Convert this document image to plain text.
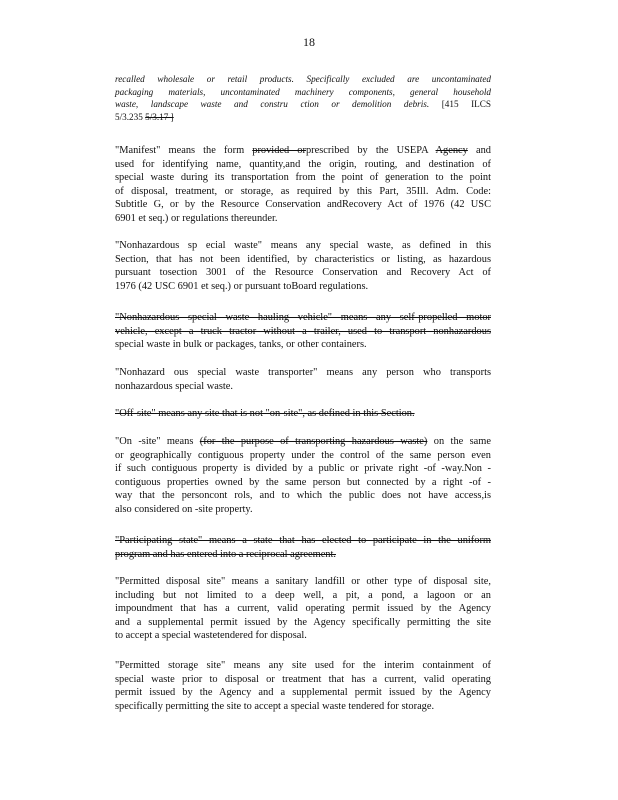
18
recalled wholesale or retail products. Specifically excluded are uncontaminated
packaging materials, uncontaminated machinery components, general household
waste, landscape waste and constru ction or demolition debris. [415 ILCS
5/3.235 5/3.17 ]
"Manifest" means the form provided orprescribed by the USEPA Agency and
used for identifying name, quantity,and the origin, routing, and destination of
special waste during its transportation from the point of generation to the point
of disposal, treatment, or storage, as required by this Part, 35Ill. Adm. Code:
Subtitle G, or by the Resource Conservation andRecovery Act of 1976 (42 USC
6901 et seq.) or regulations thereunder.
"Nonhazardous sp ecial waste" means any special waste, as defined in this
Section, that has not been identified, by characteristics or listing, as hazardous
pursuant tosection 3001 of the Resource Conservation and Recovery Act of
1976 (42 USC 6901 et seq.) or pursuant toBoard regulations.
"Nonhazardous special waste hauling vehicle" means any self-propelled motor
vehicle, except a truck tractor without a trailer, used to transport nonhazardous
special waste in bulk or packages, tanks, or other containers.
"Nonhazard ous special waste transporter" means any person who transports
nonhazardous special waste.
"Off-site" means any site that is not "on-site", as defined in this Section.
"On -site" means (for the purpose of transporting hazardous waste) on the same
or geographically contiguous property under the control of the same person even
if such contiguous property is divided by a public or private right -of -way.Non -
contiguous properties owned by the same person but connected by a right -of -
way that the personcont rols, and to which the public does not have access,is
also considered on -site property.
"Participating state" means a state that has elected to participate in the uniform
program and has entered into a reciprocal agreement.
"Permitted disposal site" means a sanitary landfill or other type of disposal site,
including but not limited to a deep well, a pit, a pond, a lagoon or an
impoundment that has a current, valid operating permit issued by the Agency
and a supplemental permit issued by the Agency specifically permitting the site
to accept a special wastetendered for disposal.
"Permitted storage site" means any site used for the interim containment of
special waste prior to disposal or treatment that has a current, valid operating
permit issued by the Agency and a supplemental permit issued by the Agency
specifically permitting the site to accept a special waste tendered for storage.
